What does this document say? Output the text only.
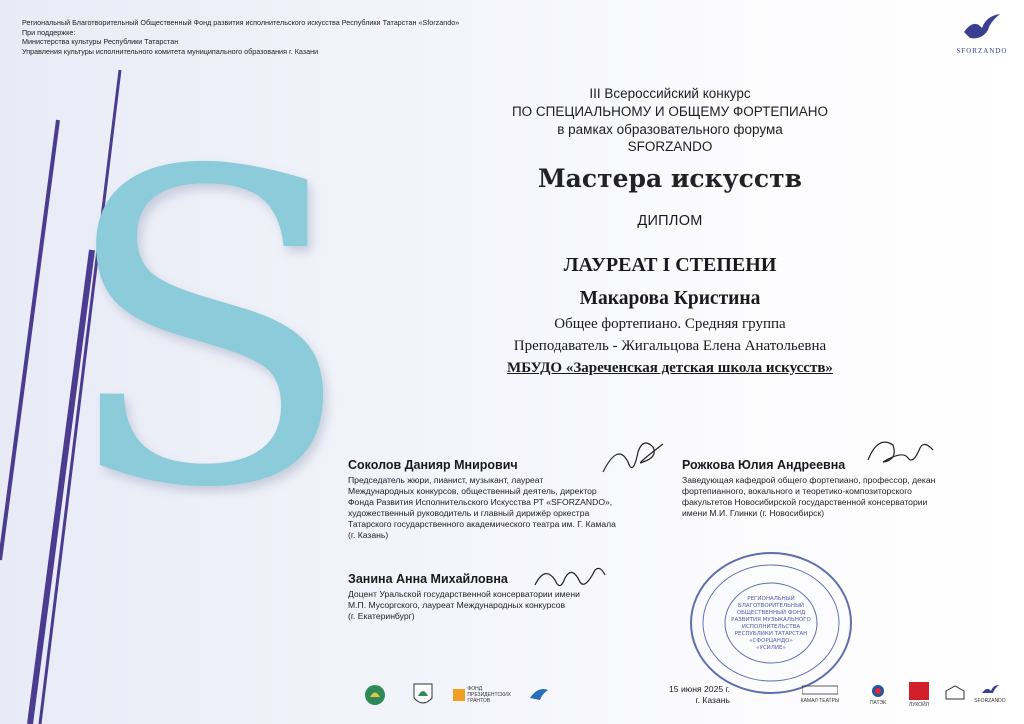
S
Региональный Благотворительный Общественный Фонд развития исполнительского искусства Республики Татарстан «Sforzando»
При поддержке:
Министерства культуры Республики Татарстан
Управления культуры исполнительного комитета муниципального образования г. Казани	SFORZANDO
III Всероссийский конкурс
ПО СПЕЦИАЛЬНОМУ И ОБЩЕМУ ФОРТЕПИАНО
в рамках образовательного форума
SFORZANDO
Мастера искусств
ДИПЛОМ
ЛАУРЕАТ I СТЕПЕНИ
Макарова Кристина
Общее фортепиано. Средняя группа
Преподаватель - Жигальцова Елена Анатольевна
МБУДО «Зареченская детская школа искусств»
Соколов Данияр Мнирович
Председатель жюри, пианист, музыкант, лауреат
Международных конкурсов, общественный деятель, директор
Фонда Развития Исполнительского Искусства РТ «SFORZANDO»,
художественный руководитель и главный дирижёр оркестра
Татарского государственного академического театра им. Г. Камала
(г. Казань)
Рожкова Юлия Андреевна
Заведующая кафедрой общего фортепиано, профессор, декан
фортепианного, вокального и теоретико-композиторского
факультетов Новосибирской государственной консерватории
имени М.И. Глинки (г. Новосибирск)
Занина Анна Михайловна
Доцент Уральской государственной консерватории имени
М.П. Мусоргского, лауреат Международных конкурсов
(г. Екатеринбург)
РЕГИОНАЛЬНЫЙ
БЛАГОТВОРИТЕЛЬНЫЙ
ОБЩЕСТВЕННЫЙ ФОНД
РАЗВИТИЯ МУЗЫКАЛЬНОГО
ИСПОЛНИТЕЛЬСТВА
РЕСПУБЛИКИ ТАТАРСТАН
«СФОРЦАНДО»
«УСИЛИЕ»
15 июня 2025 г.
г. Казань
ФОНД ПРЕЗИДЕНТСКИХ ГРАНТОВ	КАМАЛ ТЕАТРЫ	ПАТЭК	ЛУКОЙЛ
SFORZANDO
